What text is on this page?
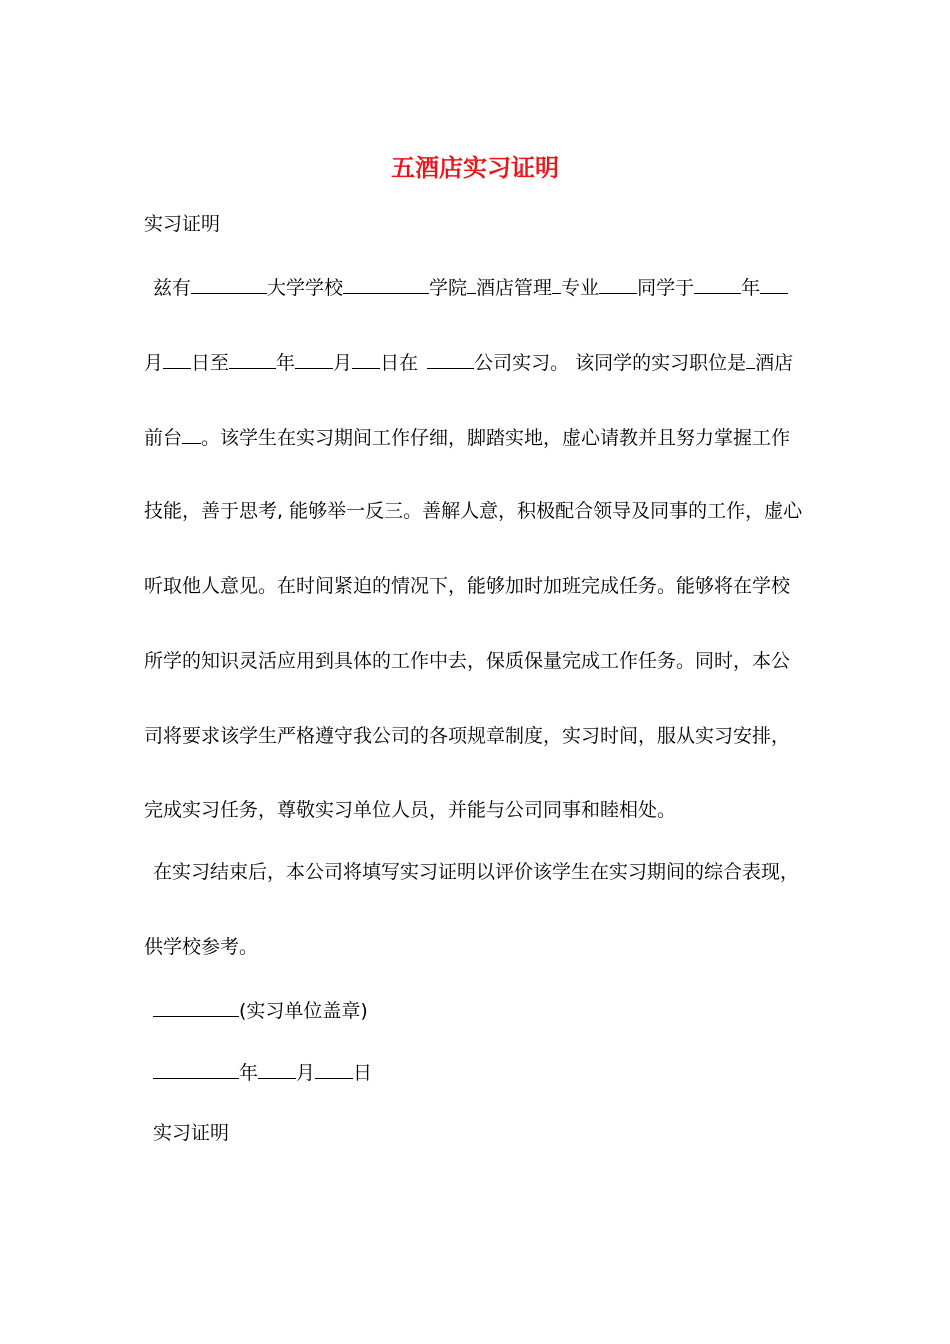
五酒店实习证明
实习证明
兹有	大学学校	学院 酒店管理 专业 同学于 年
月 日至 年 月 日在	公司实习。 该同学的实习职位是 酒店
前台 。该学生在实习期间工作仔细，脚踏实地，虚心请教并且努力掌握工作
技能，善于思考, 能够举一反三。善解人意，积极配合领导及同事的工作，虚心
听取他人意见。在时间紧迫的情况下，能够加时加班完成任务。能够将在学校
所学的知识灵活应用到具体的工作中去，保质保量完成工作任务。同时，本公
司将要求该学生严格遵守我公司的各项规章制度，实习时间，服从实习安排，
完成实习任务，尊敬实习单位人员，并能与公司同事和睦相处。
在实习结束后，本公司将填写实习证明以评价该学生在实习期间的综合表现，
供学校参考。
(实习单位盖章)
年 月 日
实习证明
